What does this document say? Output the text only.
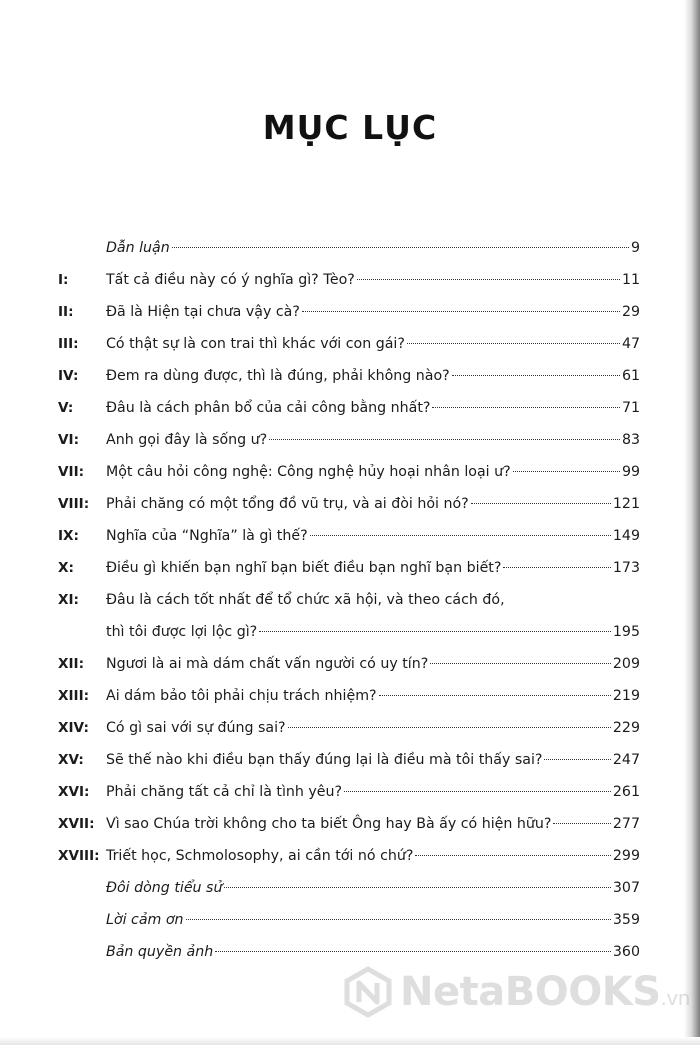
MỤC LỤC
Dẫn luận	9
I:	Tất cả điều này có ý nghĩa gì? Tèo?	11
II:	Đã là Hiện tại chưa vậy cà?	29
III:	Có thật sự là con trai thì khác với con gái?	47
IV:	Đem ra dùng được, thì là đúng, phải không nào?	61
V:	Đâu là cách phân bổ của cải công bằng nhất?	71
VI:	Anh gọi đây là sống ư?	83
VII:	Một câu hỏi công nghệ: Công nghệ hủy hoại nhân loại ư?	99
VIII:	Phải chăng có một tổng đồ vũ trụ, và ai đòi hỏi nó?	121
IX:	Nghĩa của “Nghĩa” là gì thế?	149
X:	Điều gì khiến bạn nghĩ bạn biết điều bạn nghĩ bạn biết?	173
XI:	Đâu là cách tốt nhất để tổ chức xã hội, và theo cách đó,
thì tôi được lợi lộc gì?	195
XII:	Ngươi là ai mà dám chất vấn người có uy tín?	209
XIII:	Ai dám bảo tôi phải chịu trách nhiệm?	219
XIV:	Có gì sai với sự đúng sai?	229
XV:	Sẽ thế nào khi điều bạn thấy đúng lại là điều mà tôi thấy sai?	247
XVI:	Phải chăng tất cả chỉ là tình yêu?	261
XVII: Vì sao Chúa trời không cho ta biết Ông hay Bà ấy có hiện hữu?	277
XVIII: Triết học, Schmolosophy, ai cần tới nó chứ?	299
Đôi dòng tiểu sử	307
Lời cảm ơn	359
Bản quyền ảnh	360
NetaBOOKS.vn
